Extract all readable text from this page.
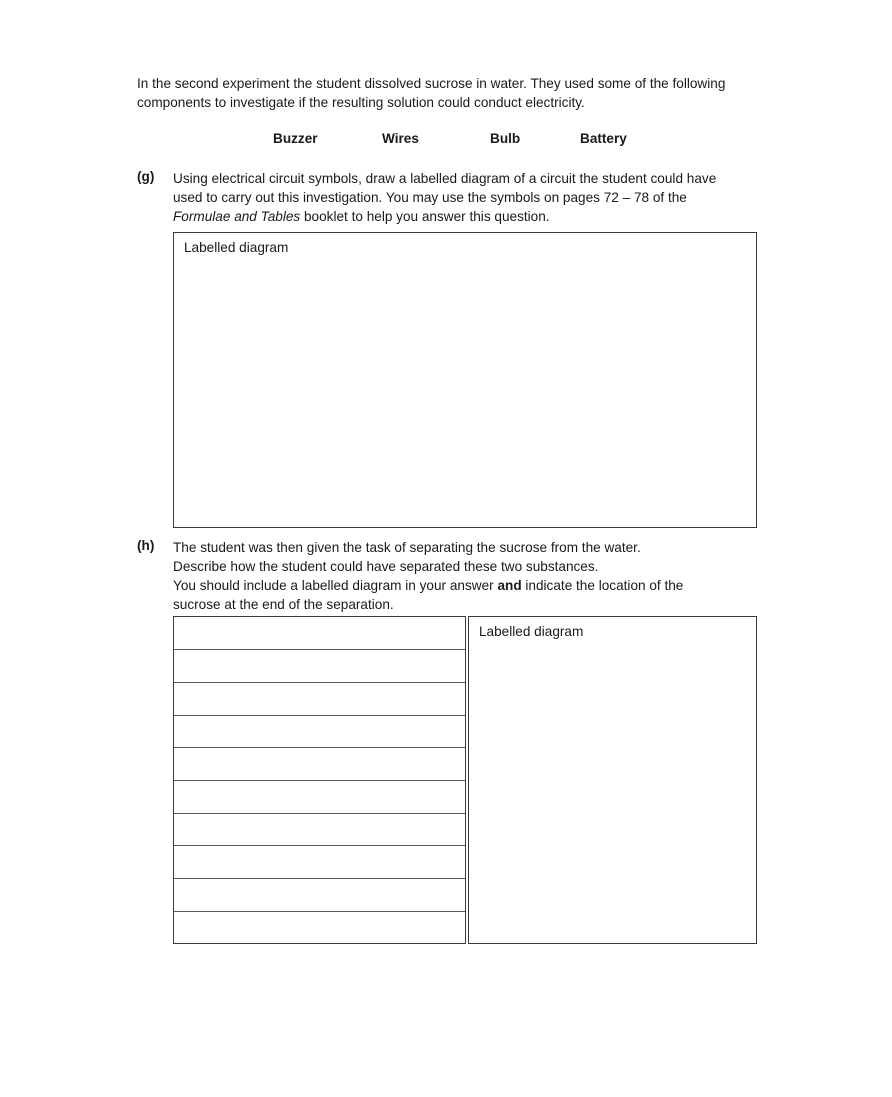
In the second experiment the student dissolved sucrose in water. They used some of the following
components to investigate if the resulting solution could conduct electricity.
Buzzer	Wires	Bulb	Battery
(g) Using electrical circuit symbols, draw a labelled diagram of a circuit the student could have
used to carry out this investigation. You may use the symbols on pages 72 – 78 of the
Formulae and Tables booklet to help you answer this question.
Labelled diagram
(h) The student was then given the task of separating the sucrose from the water.
Describe how the student could have separated these two substances.
You should include a labelled diagram in your answer and indicate the location of the
sucrose at the end of the separation.
Labelled diagram
